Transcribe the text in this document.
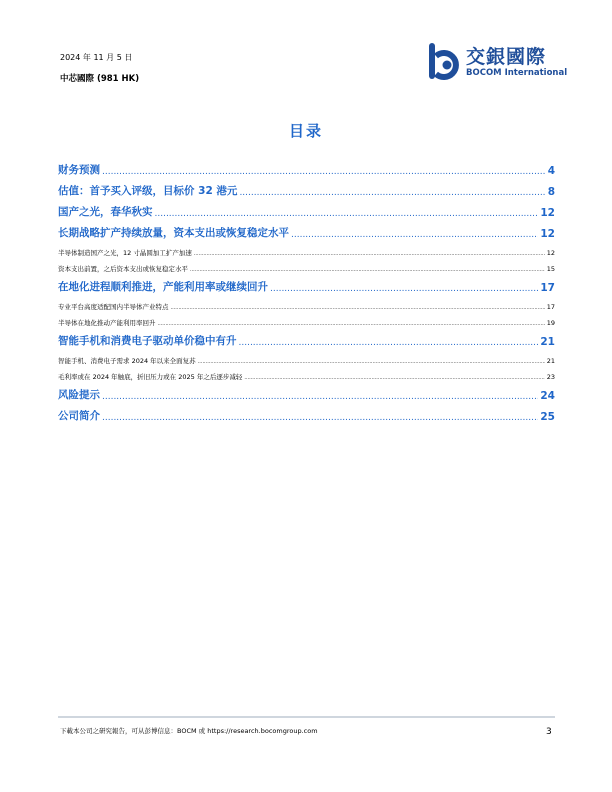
2024 年 11 月 5 日
中芯國際 (981 HK)
交銀國際
BOCOM International
目录
财务预测 .....	4
估值：首予买入评级，目标价 32 港元 .....	8
国产之光，春华秋实 .....	12
长期战略扩产持续放量，资本支出或恢复稳定水平 .....	12
半导体制造国产之光，12 寸晶圆加工扩产加速 .....	12
资本支出前置，之后资本支出或恢复稳定水平 .....	15
在地化进程顺利推进，产能利用率或继续回升 .....	17
专业平台高度适配国内半导体产业特点 .....	17
半导体在地化推动产能利用率回升 .....	19
智能手机和消费电子驱动单价稳中有升 .....	21
智能手机、消费电子需求 2024 年以来全面复苏 .....	21
毛利率或在 2024 年触底，折旧压力或在 2025 年之后逐步减轻 .....	23
风险提示 .....	24
公司简介 .....	25
下載本公司之研究報告，可从彭博信息：BOCM 或 https://research.bocomgroup.com	3
